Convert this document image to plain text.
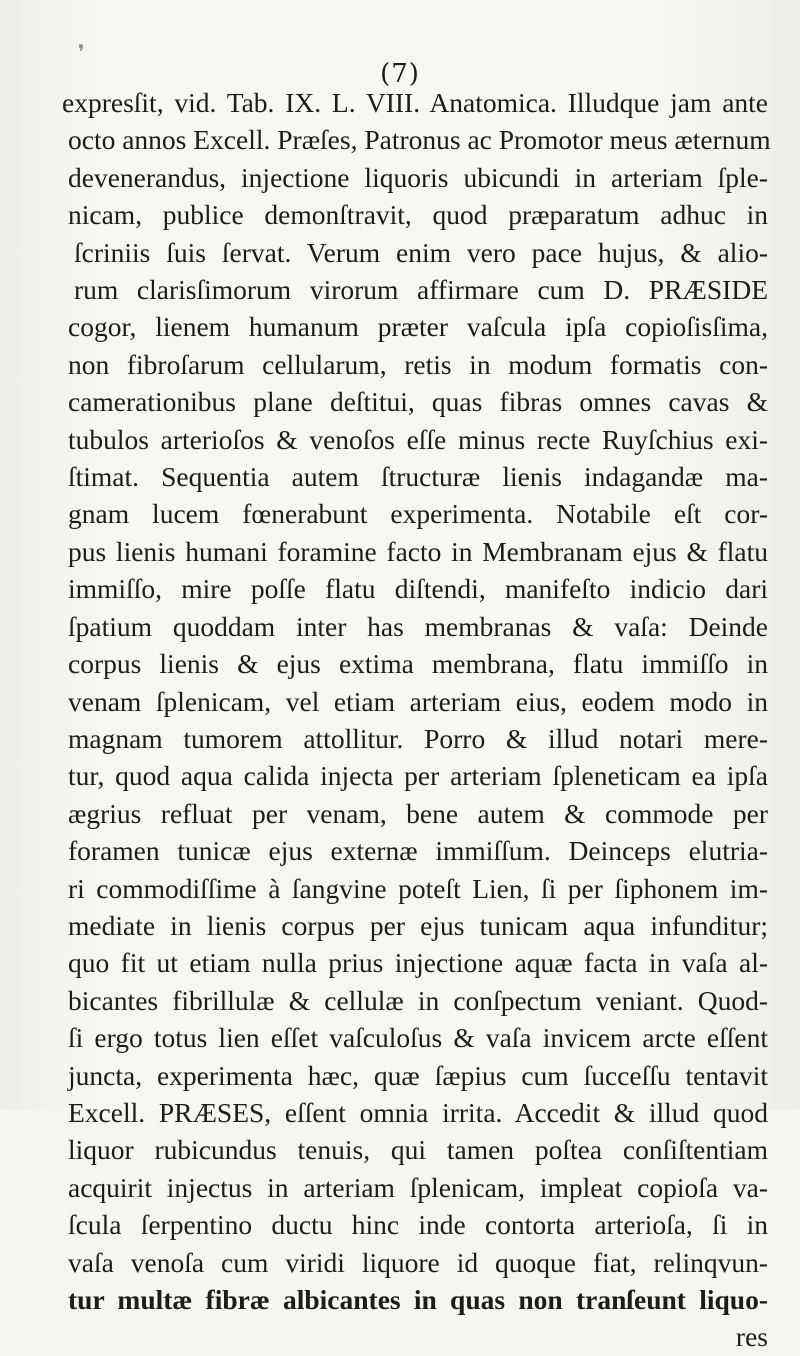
❜
(7)
expresſit, vid. Tab. IX. L. VIII. Anatomica. Illudque jam ante
octo annos Excell. Præſes, Patronus ac Promotor meus æternum
devenerandus, injectione liquoris ubicundi in arteriam ſple-
nicam, publice demonſtravit, quod præparatum adhuc in
ſcriniis ſuis ſervat. Verum enim vero pace hujus, & alio-
rum clarisſimorum virorum affirmare cum D. PRÆSIDE
cogor, lienem humanum præter vaſcula ipſa copioſisſima,
non fibroſarum cellularum, retis in modum formatis con-
camerationibus plane deſtitui, quas fibras omnes cavas &
tubulos arterioſos & venoſos eſſe minus recte Ruyſchius exi-
ſtimat. Sequentia autem ſtructuræ lienis indagandæ ma-
gnam lucem fœnerabunt experimenta. Notabile eſt cor-
pus lienis humani foramine facto in Membranam ejus & flatu
immiſſo, mire poſſe flatu diſtendi, manifeſto indicio dari
ſpatium quoddam inter has membranas & vaſa: Deinde
corpus lienis & ejus extima membrana, flatu immiſſo in
venam ſplenicam, vel etiam arteriam eius, eodem modo in
magnam tumorem attollitur. Porro & illud notari mere-
tur, quod aqua calida injecta per arteriam ſpleneticam ea ipſa
ægrius refluat per venam, bene autem & commode per
foramen tunicæ ejus externæ immiſſum. Deinceps elutria-
ri commodiſſime à ſangvine poteſt Lien, ſi per ſiphonem im-
mediate in lienis corpus per ejus tunicam aqua infunditur;
quo fit ut etiam nulla prius injectione aquæ facta in vaſa al-
bicantes fibrillulæ & cellulæ in conſpectum veniant. Quod-
ſi ergo totus lien eſſet vaſculoſus & vaſa invicem arcte eſſent
juncta, experimenta hæc, quæ ſæpius cum ſucceſſu tentavit
Excell. PRÆSES, eſſent omnia irrita. Accedit & illud quod
liquor rubicundus tenuis, qui tamen poſtea conſiſtentiam
acquirit injectus in arteriam ſplenicam, impleat copioſa va-
ſcula ſerpentino ductu hinc inde contorta arterioſa, ſi in
vaſa venoſa cum viridi liquore id quoque fiat, relinqvun-
tur multæ fibræ albicantes in quas non tranſeunt liquo-
res
